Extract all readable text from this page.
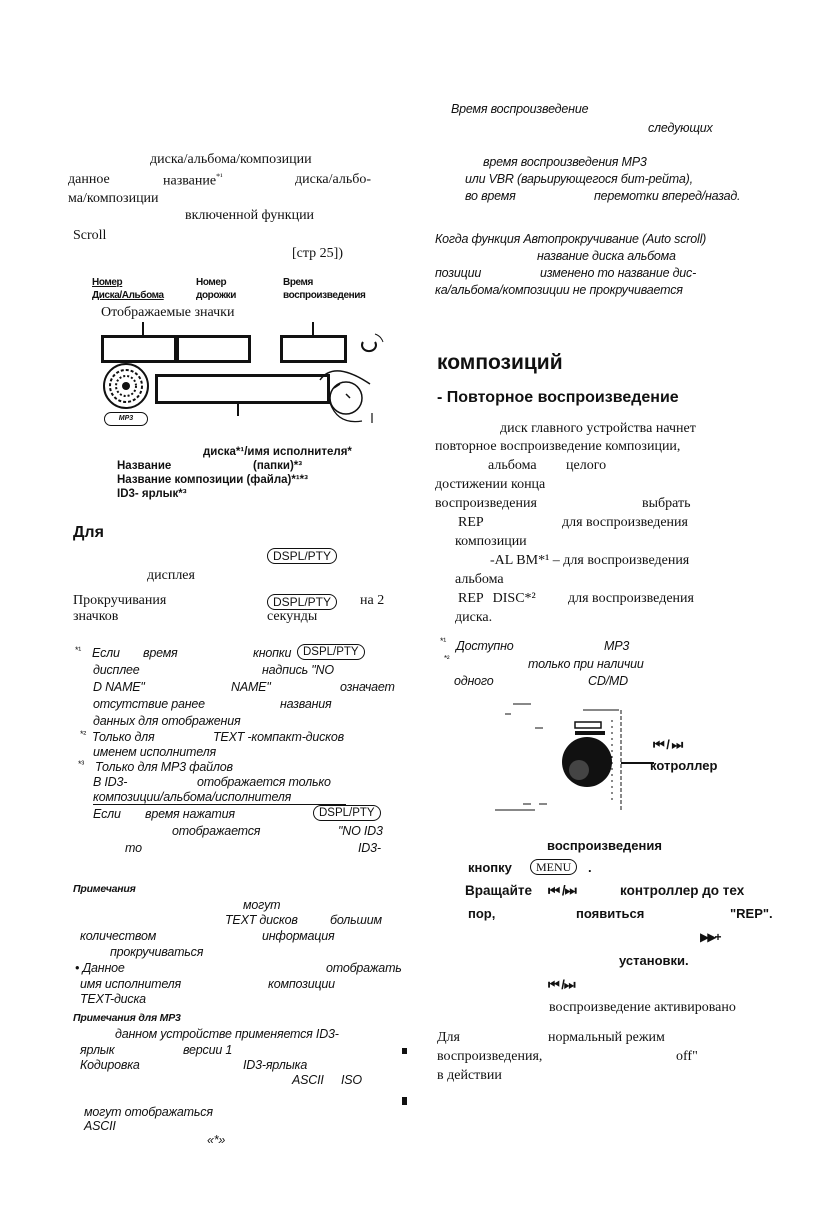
диска/альбома/композиции
данное	название$^{*^1}$	диска/альбо-
ма/композиции
включенной функции
Scroll
[стр 25])
Номер
Диска/Альбома
Номер
дорожки
Время
воспроизведения
Отображаемые значки
MP3
диска*¹/имя исполнителя*
Название	(папки)*³
Название композиции (файла)*¹*³
ID3- ярлык*³
Для
DSPL/PTY
дисплея
Прокручивания	DSPL/PTY	на 2
значков	секунды
*¹ Если время	кнопки	DSPL/PTY
дисплее	надпись "NO
D NAME"	NAME"	означает
отсутствие ранее	названия
данных для отображения
*² Только для	TEXT -компакт-дисков
именем исполнителя
*³ Только для MP3 файлов
В ID3-	отображается только
композиции/альбома/исполнителя
Если время нажатия	DSPL/PTY
отображается	"NO ID3
то	ID3-
Примечания
могут
TEXT дисков	большим
количеством	информация
прокручиваться
• Данное	отображать
имя исполнителя	композиции
TEXT-диска
Примечания для MP3
данном устройстве применяется ID3-
ярлык	версии 1
Кодировка	ID3-ярлыка
ASCII ISO
могут отображаться
ASCII
«*»
Время воспроизведение
следующих
время воспроизведения MP3
или VBR (варьирующегося бит-рейта),
во время	перемотки вперед/назад.
Когда функция Автопрокручивание (Auto scroll)
название диска альбома
позиции	изменено то название дис-
ка/альбома/композиции не прокручивается
композиций
- Повторное воспроизведение
диск главного устройства начнет
повторное воспроизведение композиции,
альбома целого
достижении конца
воспроизведения	выбрать
REP	для воспроизведения
композиции
-AL BM*¹ – для воспроизведения
альбома
REP DISC*² для воспроизведения
диска.
*¹ Доступно	MP3
*²	только при наличии
одного	CD/MD
⏮ / ⏭
котроллер
воспроизведения
кнопку	MENU	.
Вращайте ⏮ /⏭	контроллер до тех
пор,	появиться	"REP".
▶▶+
установки.
⏮ /⏭
воспроизведение активировано
Для	нормальный режим
воспроизведения,	off"
в действии
